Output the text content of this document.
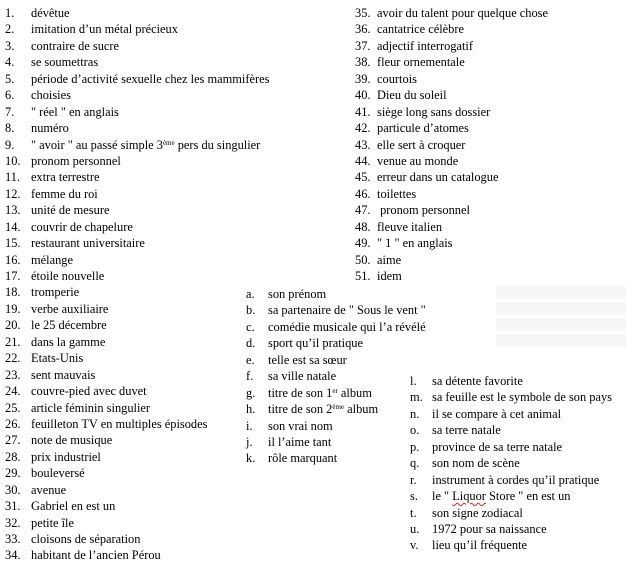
1. dévêtue
2. imitation d’un métal précieux
3. contraire de sucre
4. se soumettras
5. période d’activité sexuelle chez les mammifères
6. choisies
7. " réel " en anglais
8. numéro
9. " avoir " au passé simple 3ème pers du singulier
10. pronom personnel
11. extra terrestre
12. femme du roi
13. unité de mesure
14. couvrir de chapelure
15. restaurant universitaire
16. mélange
17. étoile nouvelle
18. tromperie
19. verbe auxiliaire
20. le 25 décembre
21. dans la gamme
22. Etats-Unis
23. sent mauvais
24. couvre-pied avec duvet
25. article féminin singulier
26. feuilleton TV en multiples épisodes
27. note de musique
28. prix industriel
29. bouleversé
30. avenue
31. Gabriel en est un
32. petite île
33. cloisons de séparation
34. habitant de l’ancien Pérou
35. avoir du talent pour quelque chose
36. cantatrice célèbre
37. adjectif interrogatif
38. fleur ornementale
39. courtois
40. Dieu du soleil
41. siège long sans dossier
42. particule d’atomes
43. elle sert à croquer
44. venue au monde
45. erreur dans un catalogue
46. toilettes
47. pronom personnel
48. fleuve italien
49. " 1 " en anglais
50. aime
51. idem
a. son prénom
b. sa partenaire de " Sous le vent "
c. comédie musicale qui l’a révélé
d. sport qu’il pratique
e. telle est sa sœur
f. sa ville natale
g. titre de son 1er album
h. titre de son 2ème album
i. son vrai nom
j. il l’aime tant
k. rôle marquant
l. sa détente favorite
m. sa feuille est le symbole de son pays
n. il se compare à cet animal
o. sa terre natale
p. province de sa terre natale
q. son nom de scène
r. instrument à cordes qu’il pratique
s. le " Liquor Store " en est un
t. son signe zodiacal
u. 1972 pour sa naissance
v. lieu qu’il fréquente
